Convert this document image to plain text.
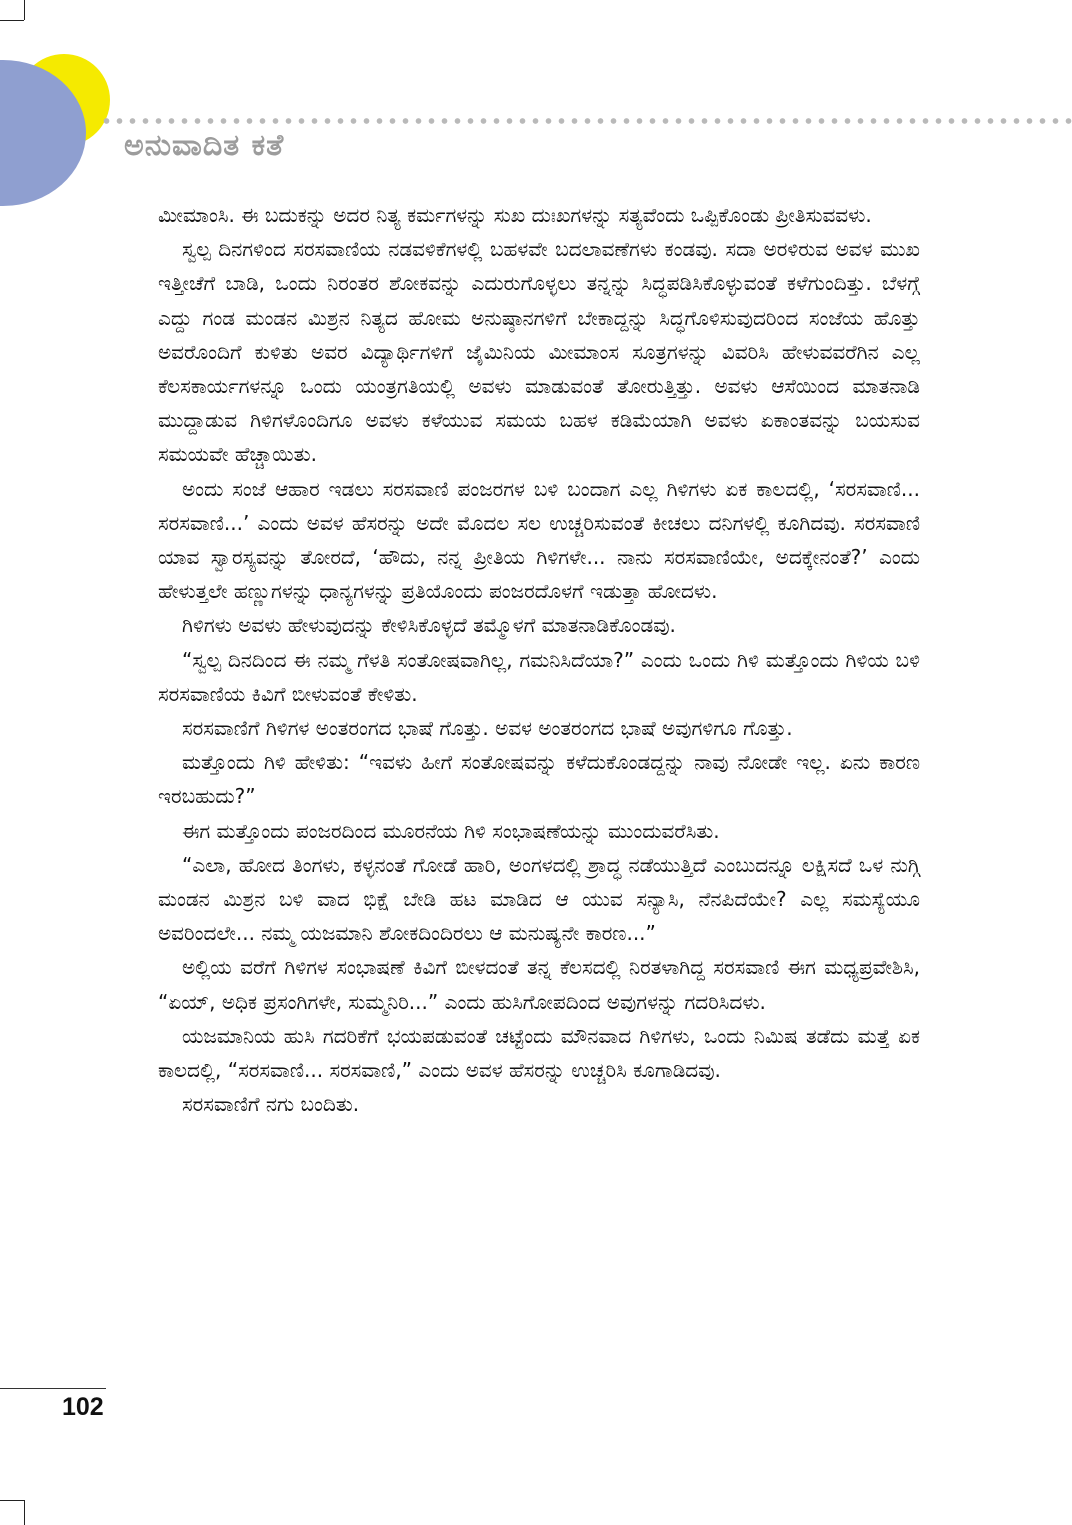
ಅನುವಾದಿತ ಕತೆ

ಮೀಮಾಂಸಿ. ಈ ಬದುಕನ್ನು ಅದರ ನಿತ್ಯ ಕರ್ಮಗಳನ್ನು ಸುಖ ದುಃಖಗಳನ್ನು ಸತ್ಯವೆಂದು ಒಪ್ಪಿಕೊಂಡು ಪ್ರೀತಿಸುವವಳು.

ಸ್ವಲ್ಪ ದಿನಗಳಿಂದ ಸರಸವಾಣಿಯ ನಡವಳಿಕೆಗಳಲ್ಲಿ ಬಹಳವೇ ಬದಲಾವಣೆಗಳು ಕಂಡವು. ಸದಾ ಅರಳಿರುವ ಅವಳ ಮುಖ ಇತ್ತೀಚೆಗೆ ಬಾಡಿ, ಒಂದು ನಿರಂತರ ಶೋಕವನ್ನು ಎದುರುಗೊಳ್ಳಲು ತನ್ನನ್ನು ಸಿದ್ಧಪಡಿಸಿಕೊಳ್ಳುವಂತೆ ಕಳೆಗುಂದಿತ್ತು. ಬೆಳಗ್ಗೆ ಎದ್ದು ಗಂಡ ಮಂಡನ ಮಿಶ್ರನ ನಿತ್ಯದ ಹೋಮ ಅನುಷ್ಠಾನಗಳಿಗೆ ಬೇಕಾದ್ದನ್ನು ಸಿದ್ಧಗೊಳಿಸುವುದರಿಂದ ಸಂಜೆಯ ಹೊತ್ತು ಅವರೊಂದಿಗೆ ಕುಳಿತು ಅವರ ವಿದ್ಯಾರ್ಥಿಗಳಿಗೆ ಜೈಮಿನಿಯ ಮೀಮಾಂಸ ಸೂತ್ರಗಳನ್ನು ವಿವರಿಸಿ ಹೇಳುವವರೆಗಿನ ಎಲ್ಲ ಕೆಲಸಕಾರ್ಯಗಳನ್ನೂ ಒಂದು ಯಂತ್ರಗತಿಯಲ್ಲಿ ಅವಳು ಮಾಡುವಂತೆ ತೋರುತ್ತಿತ್ತು. ಅವಳು ಆಸೆಯಿಂದ ಮಾತನಾಡಿ ಮುದ್ದಾಡುವ ಗಿಳಿಗಳೊಂದಿಗೂ ಅವಳು ಕಳೆಯುವ ಸಮಯ ಬಹಳ ಕಡಿಮೆಯಾಗಿ ಅವಳು ಏಕಾಂತವನ್ನು ಬಯಸುವ ಸಮಯವೇ ಹೆಚ್ಚಾಯಿತು.

ಅಂದು ಸಂಜೆ ಆಹಾರ ಇಡಲು ಸರಸವಾಣಿ ಪಂಜರಗಳ ಬಳಿ ಬಂದಾಗ ಎಲ್ಲ ಗಿಳಿಗಳು ಏಕ ಕಾಲದಲ್ಲಿ, ‘ಸರಸವಾಣಿ... ಸರಸವಾಣಿ...’ ಎಂದು ಅವಳ ಹೆಸರನ್ನು ಅದೇ ಮೊದಲ ಸಲ ಉಚ್ಚರಿಸುವಂತೆ ಕೀಚಲು ದನಿಗಳಲ್ಲಿ ಕೂಗಿದವು. ಸರಸವಾಣಿ ಯಾವ ಸ್ವಾರಸ್ಯವನ್ನು ತೋರದೆ, ‘ಹೌದು, ನನ್ನ ಪ್ರೀತಿಯ ಗಿಳಿಗಳೇ... ನಾನು ಸರಸವಾಣಿಯೇ, ಅದಕ್ಕೇನಂತೆ?’ ಎಂದು ಹೇಳುತ್ತಲೇ ಹಣ್ಣುಗಳನ್ನು ಧಾನ್ಯಗಳನ್ನು ಪ್ರತಿಯೊಂದು ಪಂಜರದೊಳಗೆ ಇಡುತ್ತಾ ಹೋದಳು.

ಗಿಳಿಗಳು ಅವಳು ಹೇಳುವುದನ್ನು ಕೇಳಿಸಿಕೊಳ್ಳದೆ ತಮ್ಮೊಳಗೆ ಮಾತನಾಡಿಕೊಂಡವು.

“ಸ್ವಲ್ಪ ದಿನದಿಂದ ಈ ನಮ್ಮ ಗೆಳತಿ ಸಂತೋಷವಾಗಿಲ್ಲ, ಗಮನಿಸಿದೆಯಾ?” ಎಂದು ಒಂದು ಗಿಳಿ ಮತ್ತೊಂದು ಗಿಳಿಯ ಬಳಿ ಸರಸವಾಣಿಯ ಕಿವಿಗೆ ಬೀಳುವಂತೆ ಕೇಳಿತು.

ಸರಸವಾಣಿಗೆ ಗಿಳಿಗಳ ಅಂತರಂಗದ ಭಾಷೆ ಗೊತ್ತು. ಅವಳ ಅಂತರಂಗದ ಭಾಷೆ ಅವುಗಳಿಗೂ ಗೊತ್ತು.

ಮತ್ತೊಂದು ಗಿಳಿ ಹೇಳಿತು: “ಇವಳು ಹೀಗೆ ಸಂತೋಷವನ್ನು ಕಳೆದುಕೊಂಡದ್ದನ್ನು ನಾವು ನೋಡೇ ಇಲ್ಲ. ಏನು ಕಾರಣ ಇರಬಹುದು?”

ಈಗ ಮತ್ತೊಂದು ಪಂಜರದಿಂದ ಮೂರನೆಯ ಗಿಳಿ ಸಂಭಾಷಣೆಯನ್ನು ಮುಂದುವರೆಸಿತು.

“ಎಲಾ, ಹೋದ ತಿಂಗಳು, ಕಳ್ಳನಂತೆ ಗೋಡೆ ಹಾರಿ, ಅಂಗಳದಲ್ಲಿ ಶ್ರಾದ್ಧ ನಡೆಯುತ್ತಿದೆ ಎಂಬುದನ್ನೂ ಲಕ್ಷಿಸದೆ ಒಳ ನುಗ್ಗಿ ಮಂಡನ ಮಿಶ್ರನ ಬಳಿ ವಾದ ಭಿಕ್ಷೆ ಬೇಡಿ ಹಟ ಮಾಡಿದ ಆ ಯುವ ಸನ್ಯಾಸಿ, ನೆನಪಿದೆಯೇ? ಎಲ್ಲ ಸಮಸ್ಯೆಯೂ ಅವರಿಂದಲೇ... ನಮ್ಮ ಯಜಮಾನಿ ಶೋಕದಿಂದಿರಲು ಆ ಮನುಷ್ಯನೇ ಕಾರಣ...”

ಅಲ್ಲಿಯ ವರೆಗೆ ಗಿಳಿಗಳ ಸಂಭಾಷಣೆ ಕಿವಿಗೆ ಬೀಳದಂತೆ ತನ್ನ ಕೆಲಸದಲ್ಲಿ ನಿರತಳಾಗಿದ್ದ ಸರಸವಾಣಿ ಈಗ ಮಧ್ಯಪ್ರವೇಶಿಸಿ, “ಏಯ್, ಅಧಿಕ ಪ್ರಸಂಗಿಗಳೇ, ಸುಮ್ಮನಿರಿ...” ಎಂದು ಹುಸಿಗೋಪದಿಂದ ಅವುಗಳನ್ನು ಗದರಿಸಿದಳು.

ಯಜಮಾನಿಯ ಹುಸಿ ಗದರಿಕೆಗೆ ಭಯಪಡುವಂತೆ ಚಟ್ಟೆಂದು ಮೌನವಾದ ಗಿಳಿಗಳು, ಒಂದು ನಿಮಿಷ ತಡೆದು ಮತ್ತೆ ಏಕ ಕಾಲದಲ್ಲಿ, “ಸರಸವಾಣಿ... ಸರಸವಾಣಿ,” ಎಂದು ಅವಳ ಹೆಸರನ್ನು ಉಚ್ಚರಿಸಿ ಕೂಗಾಡಿದವು.

ಸರಸವಾಣಿಗೆ ನಗು ಬಂದಿತು.

102
